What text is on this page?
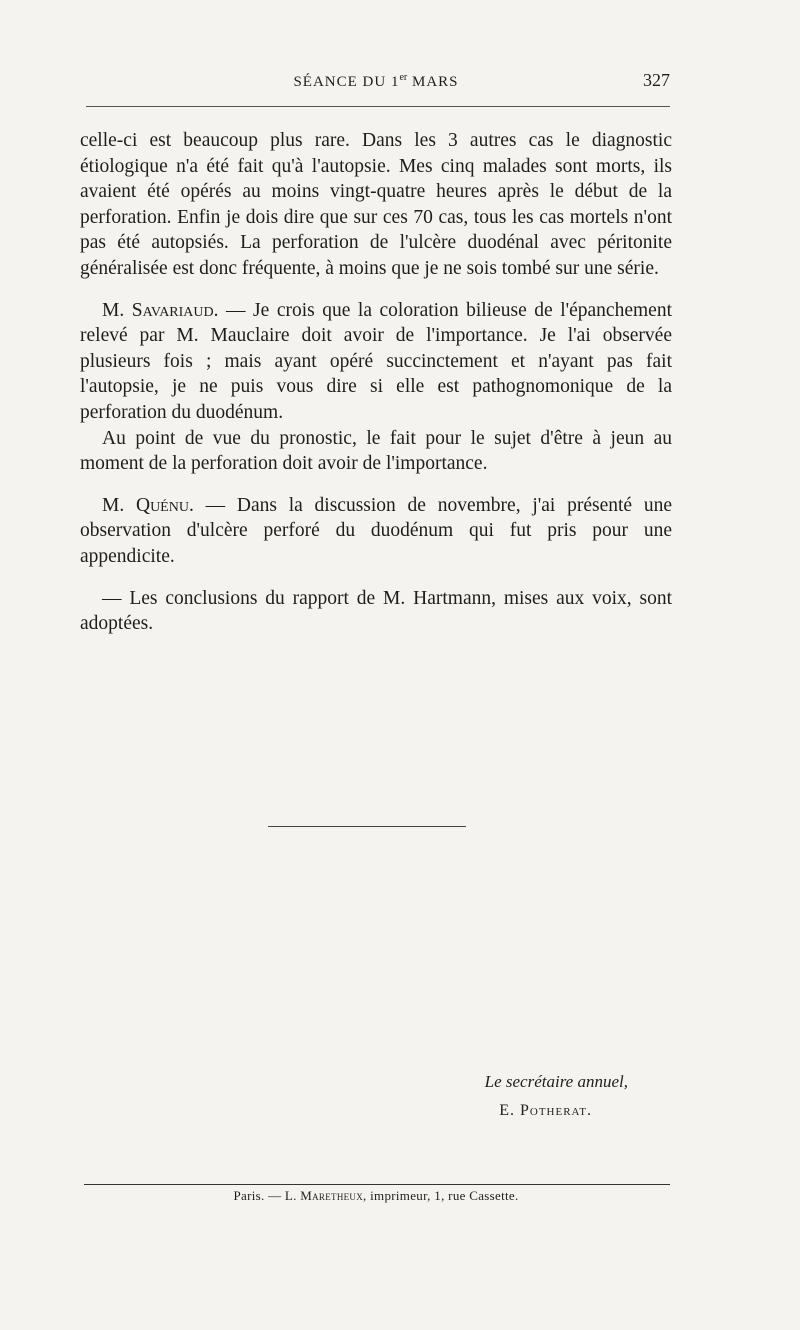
SÉANCE DU 1er MARS	327

celle-ci est beaucoup plus rare. Dans les 3 autres cas le diagnostic étiologique n'a été fait qu'à l'autopsie. Mes cinq malades sont morts, ils avaient été opérés au moins vingt-quatre heures après le début de la perforation. Enfin je dois dire que sur ces 70 cas, tous les cas mortels n'ont pas été autopsiés. La perforation de l'ulcère duodénal avec péritonite généralisée est donc fréquente, à moins que je ne sois tombé sur une série.

M. Savariaud. — Je crois que la coloration bilieuse de l'épanchement relevé par M. Mauclaire doit avoir de l'importance. Je l'ai observée plusieurs fois ; mais ayant opéré succinctement et n'ayant pas fait l'autopsie, je ne puis vous dire si elle est pathognomonique de la perforation du duodénum.

Au point de vue du pronostic, le fait pour le sujet d'être à jeun au moment de la perforation doit avoir de l'importance.

M. Quénu. — Dans la discussion de novembre, j'ai présenté une observation d'ulcère perforé du duodénum qui fut pris pour une appendicite.

— Les conclusions du rapport de M. Hartmann, mises aux voix, sont adoptées.

Le secrétaire annuel,
E. Potherat.
Paris. — L. Maretheux, imprimeur, 1, rue Cassette.
